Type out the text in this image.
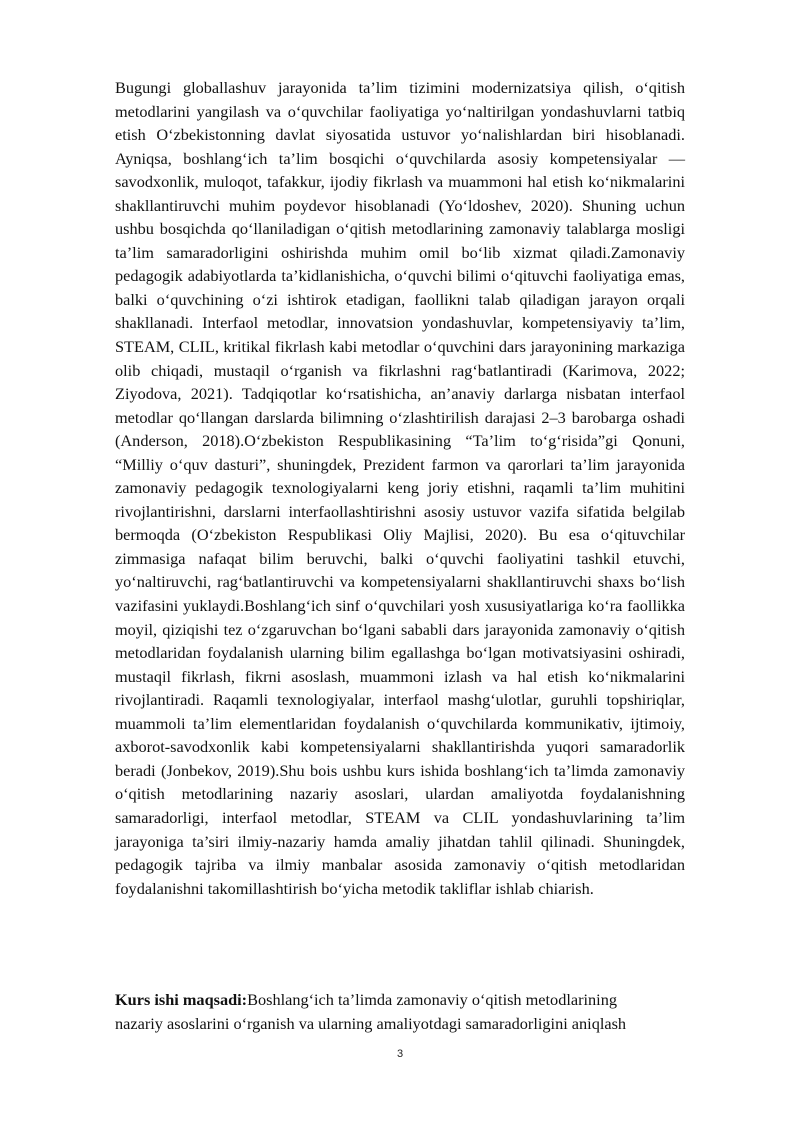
Bugungi globallashuv jarayonida ta’lim tizimini modernizatsiya qilish, o‘qitish metodlarini yangilash va o‘quvchilar faoliyatiga yo‘naltirilgan yondashuvlarni tatbiq etish O‘zbekistonning davlat siyosatida ustuvor yo‘nalishlardan biri hisoblanadi. Ayniqsa, boshlang‘ich ta’lim bosqichi o‘quvchilarda asosiy kompetensiyalar — savodxonlik, muloqot, tafakkur, ijodiy fikrlash va muammoni hal etish ko‘nikmalarini shakllantiruvchi muhim poydevor hisoblanadi (Yo‘ldoshev, 2020). Shuning uchun ushbu bosqichda qo‘llaniladigan o‘qitish metodlarining zamonaviy talablarga mosligi ta’lim samaradorligini oshirishda muhim omil bo‘lib xizmat qiladi.Zamonaviy pedagogik adabiyotlarda ta’kidlanishicha, o‘quvchi bilimi o‘qituvchi faoliyatiga emas, balki o‘quvchining o‘zi ishtirok etadigan, faollikni talab qiladigan jarayon orqali shakllanadi. Interfaol metodlar, innovatsion yondashuvlar, kompetensiyaviy ta’lim, STEAM, CLIL, kritikal fikrlash kabi metodlar o‘quvchini dars jarayonining markaziga olib chiqadi, mustaqil o‘rganish va fikrlashni rag‘batlantiradi (Karimova, 2022; Ziyodova, 2021). Tadqiqotlar ko‘rsatishicha, an’anaviy darlarga nisbatan interfaol metodlar qo‘llangan darslarda bilimning o‘zlashtirilish darajasi 2–3 barobarga oshadi (Anderson, 2018).O‘zbekiston Respublikasining “Ta’lim to‘g‘risida”gi Qonuni, “Milliy o‘quv dasturi”, shuningdek, Prezident farmon va qarorlari ta’lim jarayonida zamonaviy pedagogik texnologiyalarni keng joriy etishni, raqamli ta’lim muhitini rivojlantirishni, darslarni interfaollashtirishni asosiy ustuvor vazifa sifatida belgilab bermoqda (O‘zbekiston Respublikasi Oliy Majlisi, 2020). Bu esa o‘qituvchilar zimmasiga nafaqat bilim beruvchi, balki o‘quvchi faoliyatini tashkil etuvchi, yo‘naltiruvchi, rag‘batlantiruvchi va kompetensiyalarni shakllantiruvchi shaxs bo‘lish vazifasini yuklaydi.Boshlang‘ich sinf o‘quvchilari yosh xususiyatlariga ko‘ra faollikka moyil, qiziqishi tez o‘zgaruvchan bo‘lgani sababli dars jarayonida zamonaviy o‘qitish metodlaridan foydalanish ularning bilim egallashga bo‘lgan motivatsiyasini oshiradi, mustaqil fikrlash, fikrni asoslash, muammoni izlash va hal etish ko‘nikmalarini rivojlantiradi. Raqamli texnologiyalar, interfaol mashg‘ulotlar, guruhli topshiriqlar, muammoli ta’lim elementlaridan foydalanish o‘quvchilarda kommunikativ, ijtimoiy, axborot-savodxonlik kabi kompetensiyalarni shakllantirishda yuqori samaradorlik beradi (Jonbekov, 2019).Shu bois ushbu kurs ishida boshlang‘ich ta’limda zamonaviy o‘qitish metodlarining nazariy asoslari, ulardan amaliyotda foydalanishning samaradorligi, interfaol metodlar, STEAM va CLIL yondashuvlarining ta’lim jarayoniga ta’siri ilmiy-nazariy hamda amaliy jihatdan tahlil qilinadi. Shuningdek, pedagogik tajriba va ilmiy manbalar asosida zamonaviy o‘qitish metodlaridan foydalanishni takomillashtirish bo‘yicha metodik takliflar ishlab chiarish.

Kurs ishi maqsadi:Boshlang‘ich ta’limda zamonaviy o‘qitish metodlarining
nazariy asoslarini o‘rganish va ularning amaliyotdagi samaradorligini aniqlash

3
